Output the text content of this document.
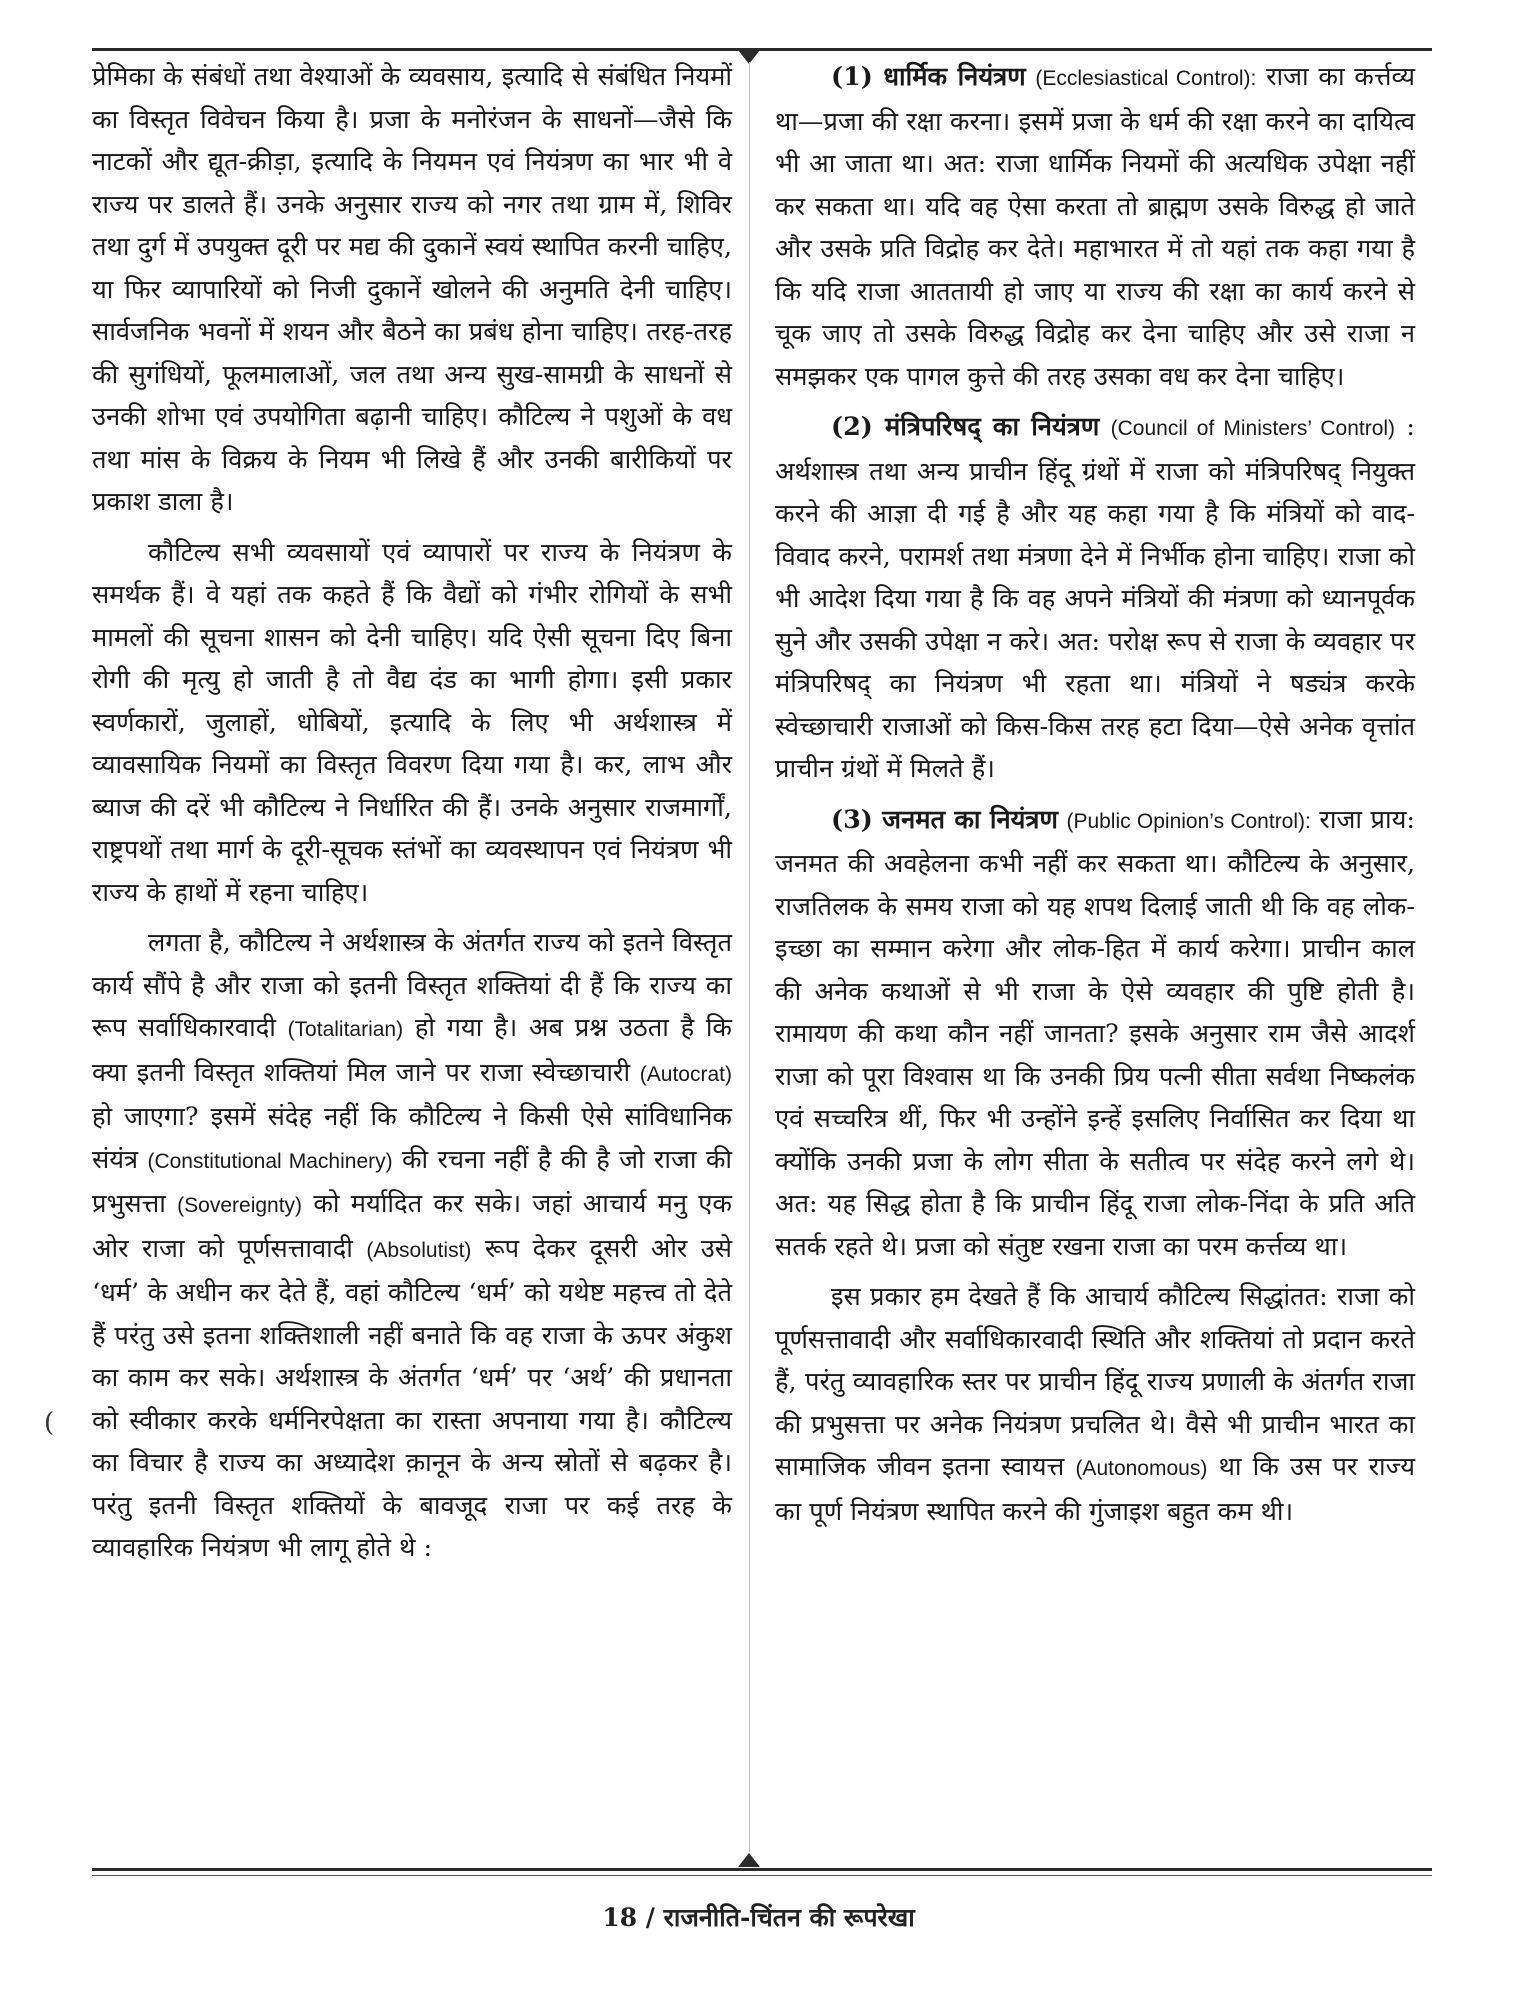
प्रेमिका के संबंधों तथा वेश्याओं के व्यवसाय, इत्यादि से संबंधित नियमों का विस्तृत विवेचन किया है। प्रजा के मनोरंजन के साधनों—जैसे कि नाटकों और द्यूत-क्रीड़ा, इत्यादि के नियमन एवं नियंत्रण का भार भी वे राज्य पर डालते हैं। उनके अनुसार राज्य को नगर तथा ग्राम में, शिविर तथा दुर्ग में उपयुक्त दूरी पर मद्य की दुकानें स्वयं स्थापित करनी चाहिए, या फिर व्यापारियों को निजी दुकानें खोलने की अनुमति देनी चाहिए। सार्वजनिक भवनों में शयन और बैठने का प्रबंध होना चाहिए। तरह-तरह की सुगंधियों, फूलमालाओं, जल तथा अन्य सुख-सामग्री के साधनों से उनकी शोभा एवं उपयोगिता बढ़ानी चाहिए। कौटिल्य ने पशुओं के वध तथा मांस के विक्रय के नियम भी लिखे हैं और उनकी बारीकियों पर प्रकाश डाला है।

कौटिल्य सभी व्यवसायों एवं व्यापारों पर राज्य के नियंत्रण के समर्थक हैं। वे यहां तक कहते हैं कि वैद्यों को गंभीर रोगियों के सभी मामलों की सूचना शासन को देनी चाहिए। यदि ऐसी सूचना दिए बिना रोगी की मृत्यु हो जाती है तो वैद्य दंड का भागी होगा। इसी प्रकार स्वर्णकारों, जुलाहों, धोबियों, इत्यादि के लिए भी अर्थशास्त्र में व्यावसायिक नियमों का विस्तृत विवरण दिया गया है। कर, लाभ और ब्याज की दरें भी कौटिल्य ने निर्धारित की हैं। उनके अनुसार राजमार्गों, राष्ट्रपथों तथा मार्ग के दूरी-सूचक स्तंभों का व्यवस्थापन एवं नियंत्रण भी राज्य के हाथों में रहना चाहिए।

लगता है, कौटिल्य ने अर्थशास्त्र के अंतर्गत राज्य को इतने विस्तृत कार्य सौंपे है और राजा को इतनी विस्तृत शक्तियां दी हैं कि राज्य का रूप सर्वाधिकारवादी (Totalitarian) हो गया है। अब प्रश्न उठता है कि क्या इतनी विस्तृत शक्तियां मिल जाने पर राजा स्वेच्छाचारी (Autocrat) हो जाएगा? इसमें संदेह नहीं कि कौटिल्य ने किसी ऐसे सांविधानिक संयंत्र (Constitutional Machinery) की रचना नहीं है की है जो राजा की प्रभुसत्ता (Sovereignty) को मर्यादित कर सके। जहां आचार्य मनु एक ओर राजा को पूर्णसत्तावादी (Absolutist) रूप देकर दूसरी ओर उसे ‘धर्म’ के अधीन कर देते हैं, वहां कौटिल्य ‘धर्म’ को यथेष्ट महत्त्व तो देते हैं परंतु उसे इतना शक्तिशाली नहीं बनाते कि वह राजा के ऊपर अंकुश का काम कर सके। अर्थशास्त्र के अंतर्गत ‘धर्म’ पर ‘अर्थ’ की प्रधानता को स्वीकार करके धर्मनिरपेक्षता का रास्ता अपनाया गया है। कौटिल्य का विचार है राज्य का अध्यादेश क़ानून के अन्य स्रोतों से बढ़कर है। परंतु इतनी विस्तृत शक्तियों के बावजूद राजा पर कई तरह के व्यावहारिक नियंत्रण भी लागू होते थे :

(1) धार्मिक नियंत्रण (Ecclesiastical Control): राजा का कर्त्तव्य था—प्रजा की रक्षा करना। इसमें प्रजा के धर्म की रक्षा करने का दायित्व भी आ जाता था। अत: राजा धार्मिक नियमों की अत्यधिक उपेक्षा नहीं कर सकता था। यदि वह ऐसा करता तो ब्राह्मण उसके विरुद्ध हो जाते और उसके प्रति विद्रोह कर देते। महाभारत में तो यहां तक कहा गया है कि यदि राजा आततायी हो जाए या राज्य की रक्षा का कार्य करने से चूक जाए तो उसके विरुद्ध विद्रोह कर देना चाहिए और उसे राजा न समझकर एक पागल कुत्ते की तरह उसका वध कर देना चाहिए।

(2) मंत्रिपरिषद् का नियंत्रण (Council of Ministers’ Control) : अर्थशास्त्र तथा अन्य प्राचीन हिंदू ग्रंथों में राजा को मंत्रिपरिषद् नियुक्त करने की आज्ञा दी गई है और यह कहा गया है कि मंत्रियों को वाद-विवाद करने, परामर्श तथा मंत्रणा देने में निर्भीक होना चाहिए। राजा को भी आदेश दिया गया है कि वह अपने मंत्रियों की मंत्रणा को ध्यानपूर्वक सुने और उसकी उपेक्षा न करे। अत: परोक्ष रूप से राजा के व्यवहार पर मंत्रिपरिषद् का नियंत्रण भी रहता था। मंत्रियों ने षड्यंत्र करके स्वेच्छाचारी राजाओं को किस-किस तरह हटा दिया—ऐसे अनेक वृत्तांत प्राचीन ग्रंथों में मिलते हैं।

(3) जनमत का नियंत्रण (Public Opinion’s Control): राजा प्राय: जनमत की अवहेलना कभी नहीं कर सकता था। कौटिल्य के अनुसार, राजतिलक के समय राजा को यह शपथ दिलाई जाती थी कि वह लोक-इच्छा का सम्मान करेगा और लोक-हित में कार्य करेगा। प्राचीन काल की अनेक कथाओं से भी राजा के ऐसे व्यवहार की पुष्टि होती है। रामायण की कथा कौन नहीं जानता? इसके अनुसार राम जैसे आदर्श राजा को पूरा विश्वास था कि उनकी प्रिय पत्नी सीता सर्वथा निष्कलंक एवं सच्चरित्र थीं, फिर भी उन्होंने इन्हें इसलिए निर्वासित कर दिया था क्योंकि उनकी प्रजा के लोग सीता के सतीत्व पर संदेह करने लगे थे। अत: यह सिद्ध होता है कि प्राचीन हिंदू राजा लोक-निंदा के प्रति अति सतर्क रहते थे। प्रजा को संतुष्ट रखना राजा का परम कर्त्तव्य था।

इस प्रकार हम देखते हैं कि आचार्य कौटिल्य सिद्धांतत: राजा को पूर्णसत्तावादी और सर्वाधिकारवादी स्थिति और शक्तियां तो प्रदान करते हैं, परंतु व्यावहारिक स्तर पर प्राचीन हिंदू राज्य प्रणाली के अंतर्गत राजा की प्रभुसत्ता पर अनेक नियंत्रण प्रचलित थे। वैसे भी प्राचीन भारत का सामाजिक जीवन इतना स्वायत्त (Autonomous) था कि उस पर राज्य का पूर्ण नियंत्रण स्थापित करने की गुंजाइश बहुत कम थी।

(
18 / राजनीति-चिंतन की रूपरेखा
